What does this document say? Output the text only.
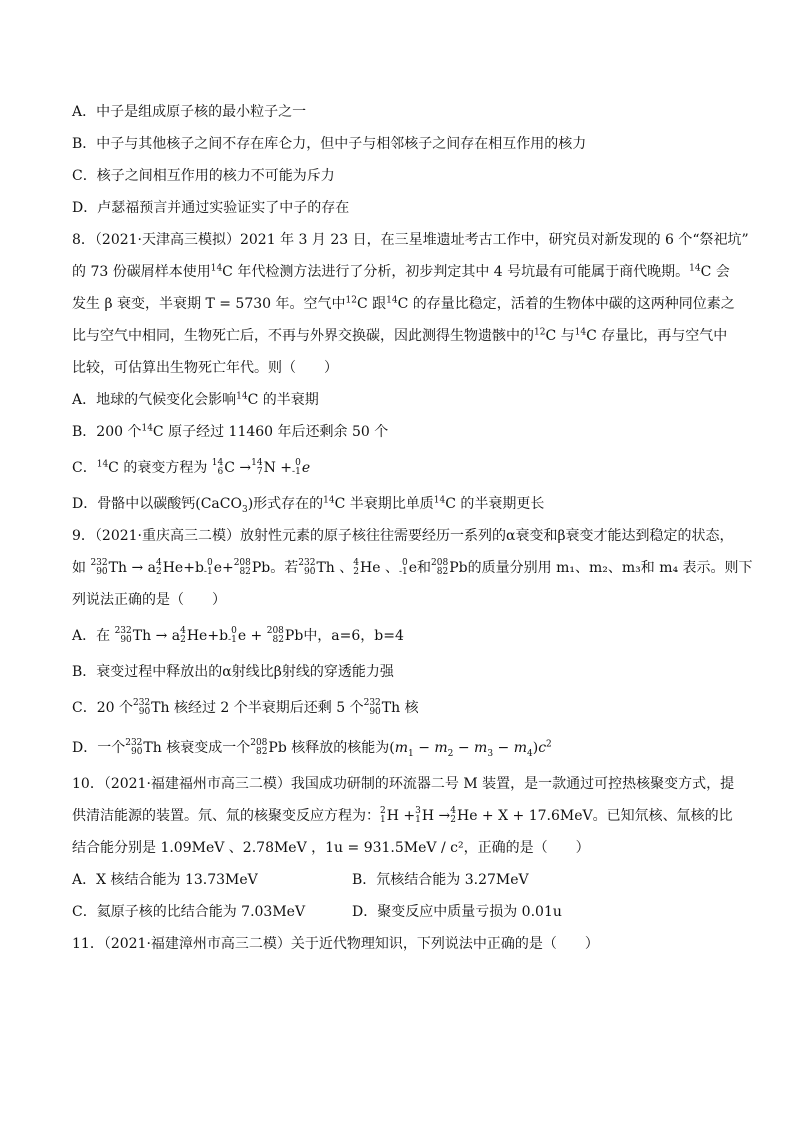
A．中子是组成原子核的最小粒子之一
B．中子与其他核子之间不存在库仑力，但中子与相邻核子之间存在相互作用的核力
C．核子之间相互作用的核力不可能为斥力
D．卢瑟福预言并通过实验证实了中子的存在
8．（2021·天津高三模拟）2021 年 3 月 23 日，在三星堆遗址考古工作中，研究员对新发现的 6 个“祭祀坑”
的 73 份碳屑样本使用$^{14}$C 年代检测方法进行了分析，初步判定其中 4 号坑最有可能属于商代晚期。$^{14}$C 会
发生 β 衰变，半衰期 T = 5730 年。空气中$^{12}$C 跟$^{14}$C 的存量比稳定，活着的生物体中碳的这两种同位素之
比与空气中相同，生物死亡后，不再与外界交换碳，因此测得生物遗骸中的$^{12}$C 与$^{14}$C 存量比，再与空气中
比较，可估算出生物死亡年代。则（　　）
A．地球的气候变化会影响$^{14}$C 的半衰期
B．200 个$^{14}$C 原子经过 11460 年后还剩余 50 个
C．$^{14}$C 的衰变方程为 14
6 C → 14
7 N + 0
-1 e
D．骨骼中以碳酸钙(CaCO$_3$)形式存在的$^{14}$C 半衰期比单质$^{14}$C 的半衰期更长
9．（2021·重庆高三二模）放射性元素的原子核往往需要经历一系列的α衰变和β衰变才能达到稳定的状态，
如 232
90 Th → a 4
2 He+b 0
-1 e+ 208
82 Pb。若 232
90 Th 、 4
2 He 、 0
-1 e和 208
82 Pb的质量分别用 m₁、m₂、m₃和 m₄ 表示。则下
列说法正确的是（　　）
A．在 232
90 Th → a 4
2 He+b 0
-1 e + 208
82 Pb中，a=6，b=4
B．衰变过程中释放出的α射线比β射线的穿透能力强
C．20 个 232
90 Th 核经过 2 个半衰期后还剩 5 个 232
90 Th 核
D．一个 232
90 Th 核衰变成一个 208
82 Pb 核释放的核能为$(m_1 - m_2 - m_3 - m_4)c^2$
10．（2021·福建福州市高三二模）我国成功研制的环流器二号 M 装置，是一款通过可控热核聚变方式，提
供清洁能源的装置。氘、氚的核聚变反应方程为： 2
1 H + 3
1 H → 4
2 He + X + 17.6MeV。已知氘核、氚核的比
结合能分别是 1.09MeV 、2.78MeV ，1u = 931.5MeV / c²，正确的是（　　）
A．X 核结合能为 13.73MeV	B．氘核结合能为 3.27MeV
C．氦原子核的比结合能为 7.03MeV	D．聚变反应中质量亏损为 0.01u
11．（2021·福建漳州市高三二模）关于近代物理知识，下列说法中正确的是（　　）
